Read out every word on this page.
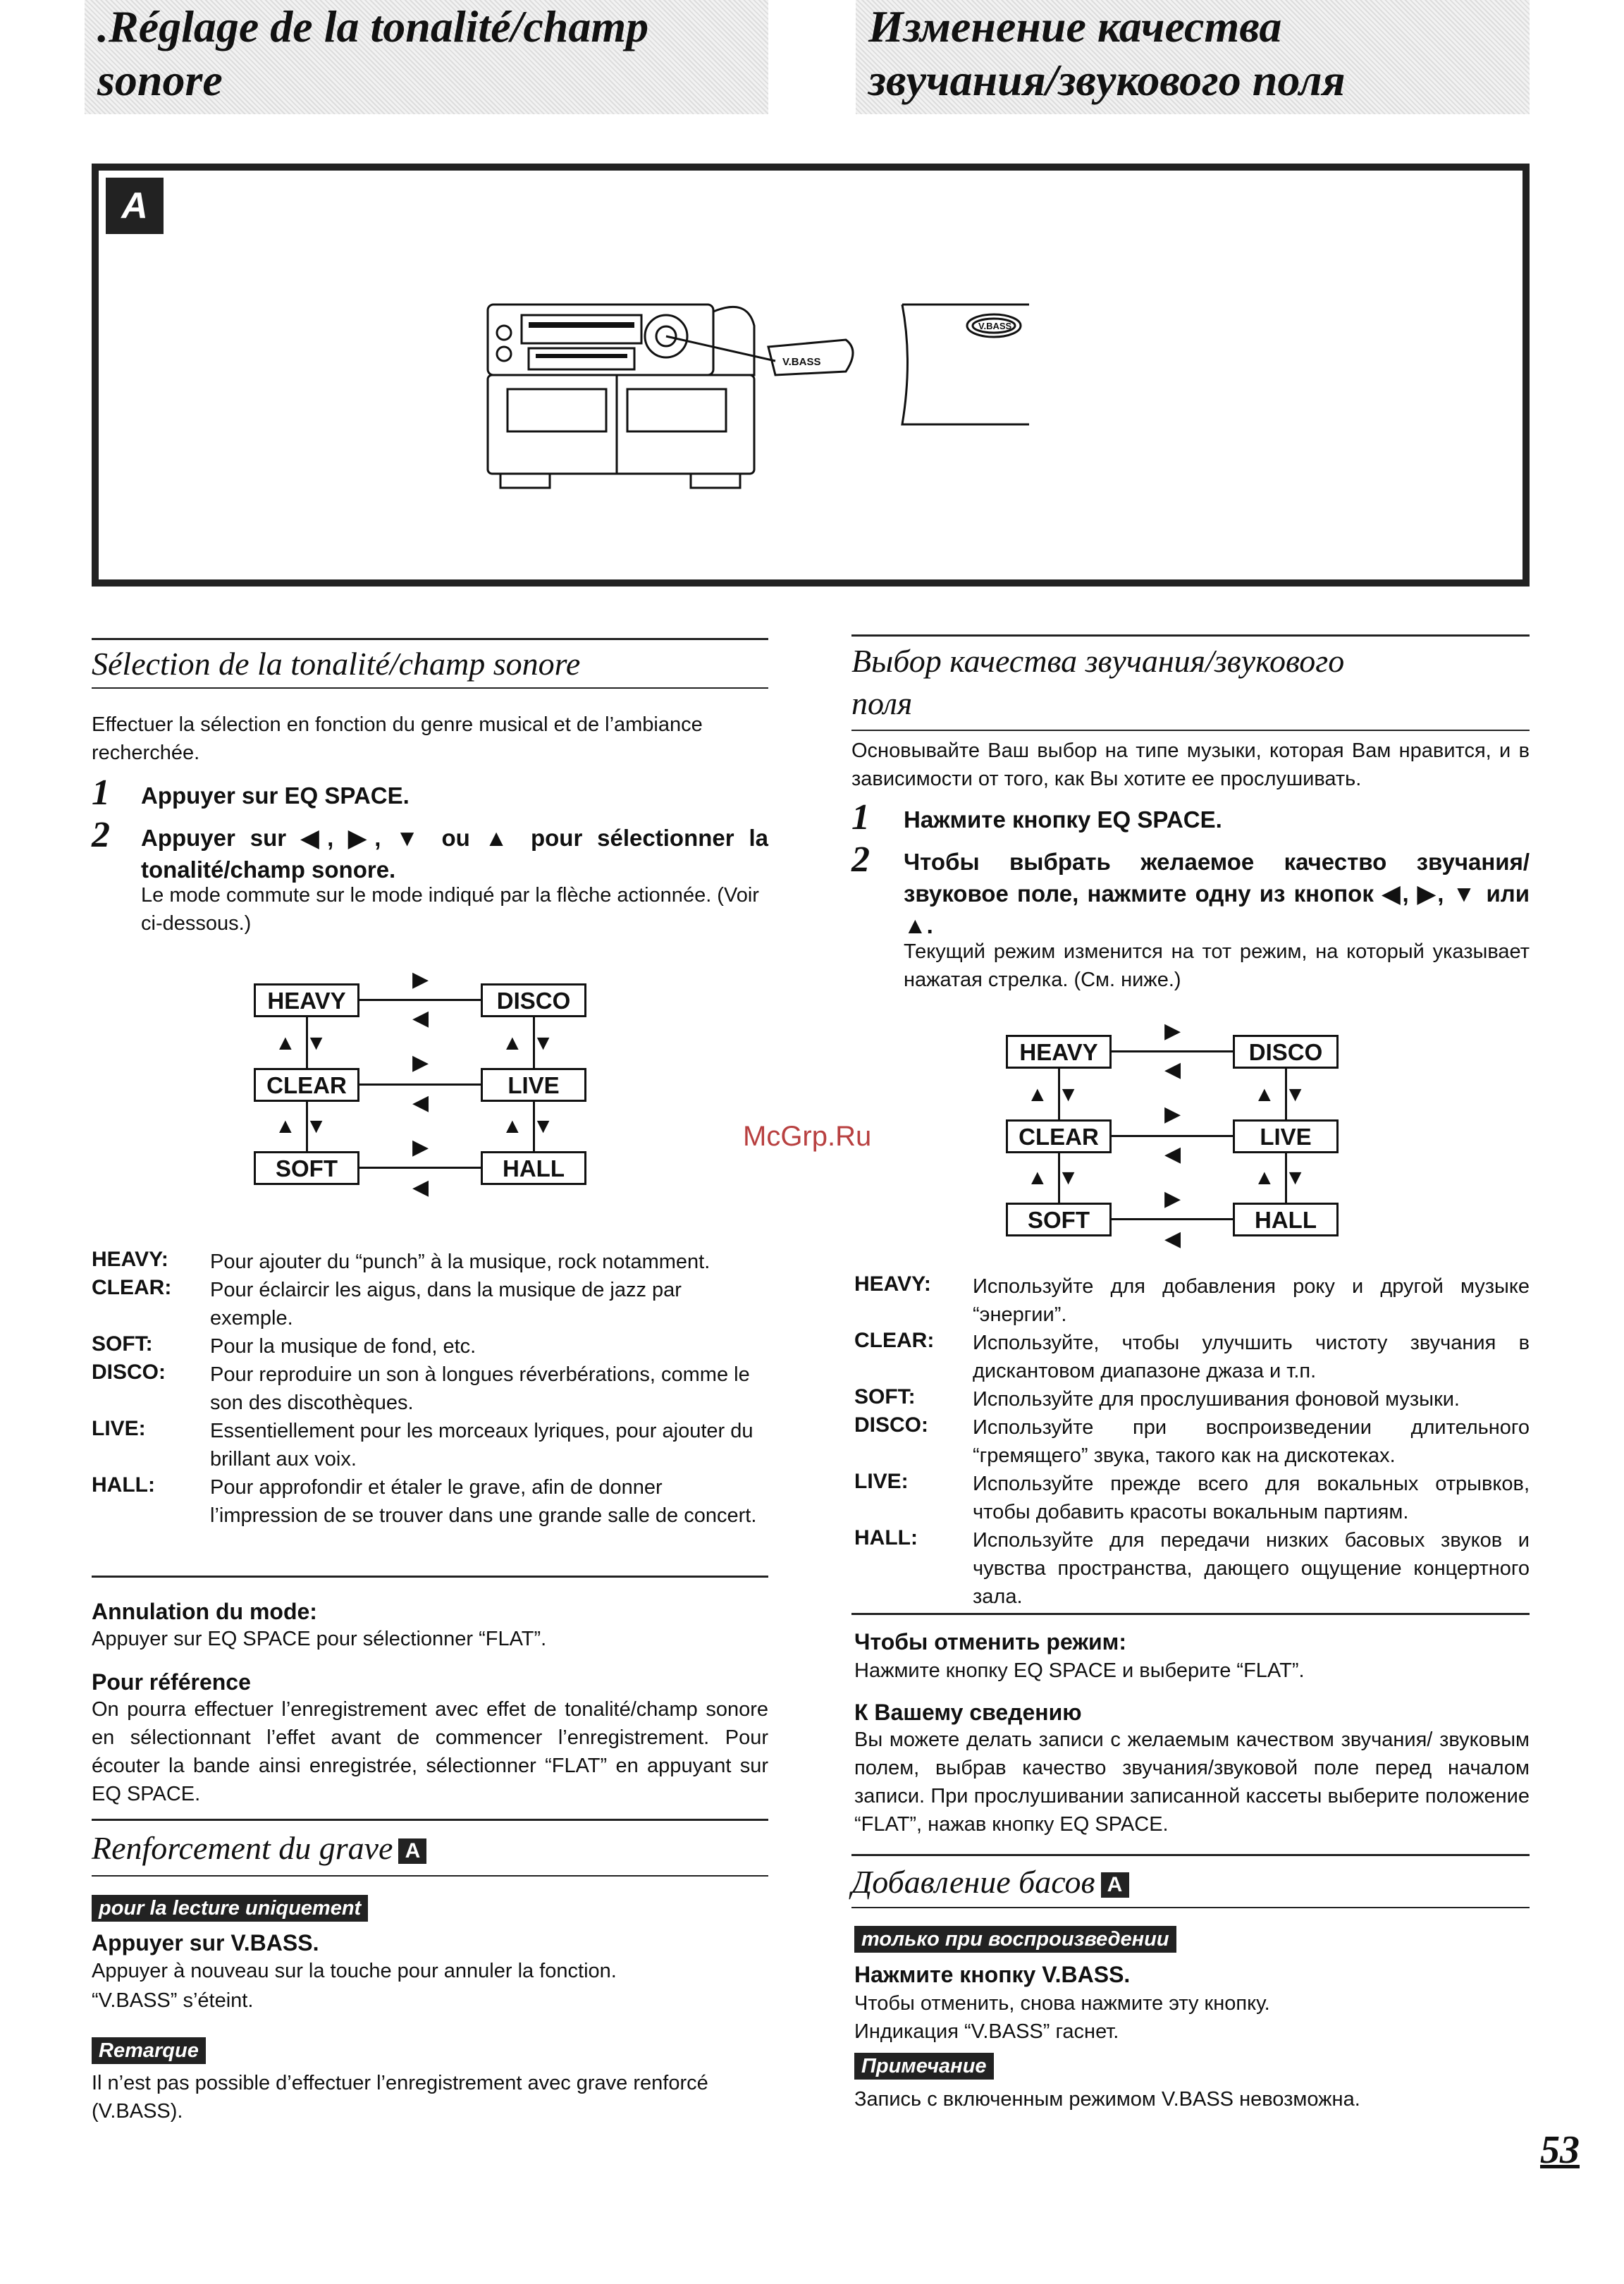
.Réglage de la tonalité/champ
sonore
Изменение качества
звучания/звукового поля
A
V.BASS
V.BASS
McGrp.Ru
Sélection de la tonalité/champ sonore
Effectuer la sélection en fonction du genre musical et de l’ambiance recherchée.
1 Appuyer sur EQ SPACE.
2 Appuyer sur ◀, ▶, ▼ ou ▲ pour sélectionner la tonalité/champ sonore.
Le mode commute sur le mode indiqué par la flèche actionnée. (Voir ci-dessous.)
HEAVY	DISCO
CLEAR	LIVE
SOFT	HALL
▶
◀
▶
◀
▶
◀
▲▼
▲▼
▲▼
▲▼
HEAVY:	Pour ajouter du “punch” à la musique, rock notamment.
CLEAR:	Pour éclaircir les aigus, dans la musique de jazz par exemple.
SOFT:	Pour la musique de fond, etc.
DISCO:	Pour reproduire un son à longues réverbérations, comme le son des discothèques.
LIVE:	Essentiellement pour les morceaux lyriques, pour ajouter du brillant aux voix.
HALL:	Pour approfondir et étaler le grave, afin de donner l’impression de se trouver dans une grande salle de concert.
Annulation du mode:
Appuyer sur EQ SPACE pour sélectionner “FLAT”.
Pour référence
On pourra effectuer l’enregistrement avec effet de tonalité/champ sonore en sélectionnant l’effet avant de commencer l’enregistrement. Pour écouter la bande ainsi enregistrée, sélectionner “FLAT” en appuyant sur EQ SPACE.
Renforcement du grave A
pour la lecture uniquement
Appuyer sur V.BASS.
Appuyer à nouveau sur la touche pour annuler la fonction.
“V.BASS” s’éteint.
Remarque
Il n’est pas possible d’effectuer l’enregistrement avec grave renforcé (V.BASS).
Выбор качества звучания/звукового
поля
Основывайте Ваш выбор на типе музыки, которая Вам нравится, и в зависимости от того, как Вы хотите ее прослушивать.
1 Нажмите кнопку EQ SPACE.
2 Чтобы выбрать желаемое качество звучания/ звуковое поле, нажмите одну из кнопок ◀, ▶, ▼ или ▲.
Текущий режим изменится на тот режим, на который указывает нажатая стрелка. (См. ниже.)
HEAVY	DISCO
CLEAR	LIVE
SOFT	HALL
▶
◀
▶
◀
▶
◀
▲▼
▲▼
▲▼
▲▼
HEAVY:	Используйте для добавления року и другой музыке “энергии”.
CLEAR:	Используйте, чтобы улучшить чистоту звучания в дискантовом диапазоне джаза и т.п.
SOFT:	Используйте для прослушивания фоновой музыки.
DISCO:	Используйте при воспроизведении длительного “гремящего” звука, такого как на дискотеках.
LIVE:	Используйте прежде всего для вокальных отрывков, чтобы добавить красоты вокальным партиям.
HALL:	Используйте для передачи низких басовых звуков и чувства пространства, дающего ощущение концертного зала.
Чтобы отменить режим:
Нажмите кнопку EQ SPACE и выберите “FLAT”.
К Вашему сведению
Вы можете делать записи с желаемым качеством звучания/ звуковым полем, выбрав качество звучания/звуковой поле перед началом записи. При прослушивании записанной кассеты выберите положение “FLAT”, нажав кнопку EQ SPACE.
Добавление басов A
только при воспроизведении
Нажмите кнопку V.BASS.
Чтобы отменить, снова нажмите эту кнопку.
Индикация “V.BASS” гаснет.
Примечание
Запись с включенным режимом V.BASS невозможна.
53
